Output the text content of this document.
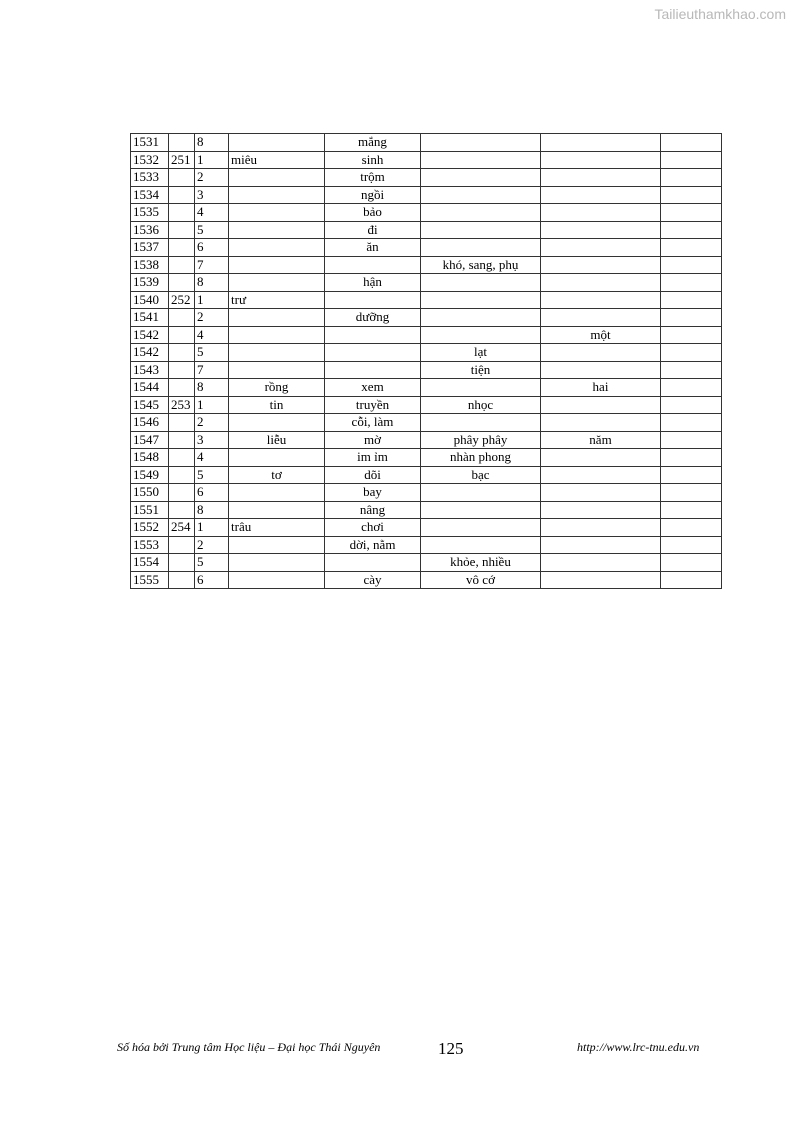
Tailieuthamkhao.com
1531		8		mắng			
1532	251	1	miêu	sinh			
1533		2		trộm			
1534		3		ngồi			
1535		4		bảo			
1536		5		đi			
1537		6		ăn			
1538		7			khó, sang, phụ		
1539		8		hận			
1540	252	1	trư				
1541		2		dưỡng			
1542		4				một	
1542		5			lạt		
1543		7			tiện		
1544		8	rồng	xem		hai	
1545	253	1	tin	truyền	nhọc		
1546		2		cỗi, làm			
1547		3	liễu	mờ	phây phây	năm	
1548		4		im ỉm	nhàn phong		
1549		5	tơ	dõi	bạc		
1550		6		bay			
1551		8		nâng			
1552	254	1	trâu	chơi			
1553		2		dời, nằm			
1554		5			khỏe, nhiều		
1555		6		cày	vô cớ		
Số hóa bởi Trung tâm Học liệu – Đại học Thái Nguyên	125	http://www.lrc-tnu.edu.vn
